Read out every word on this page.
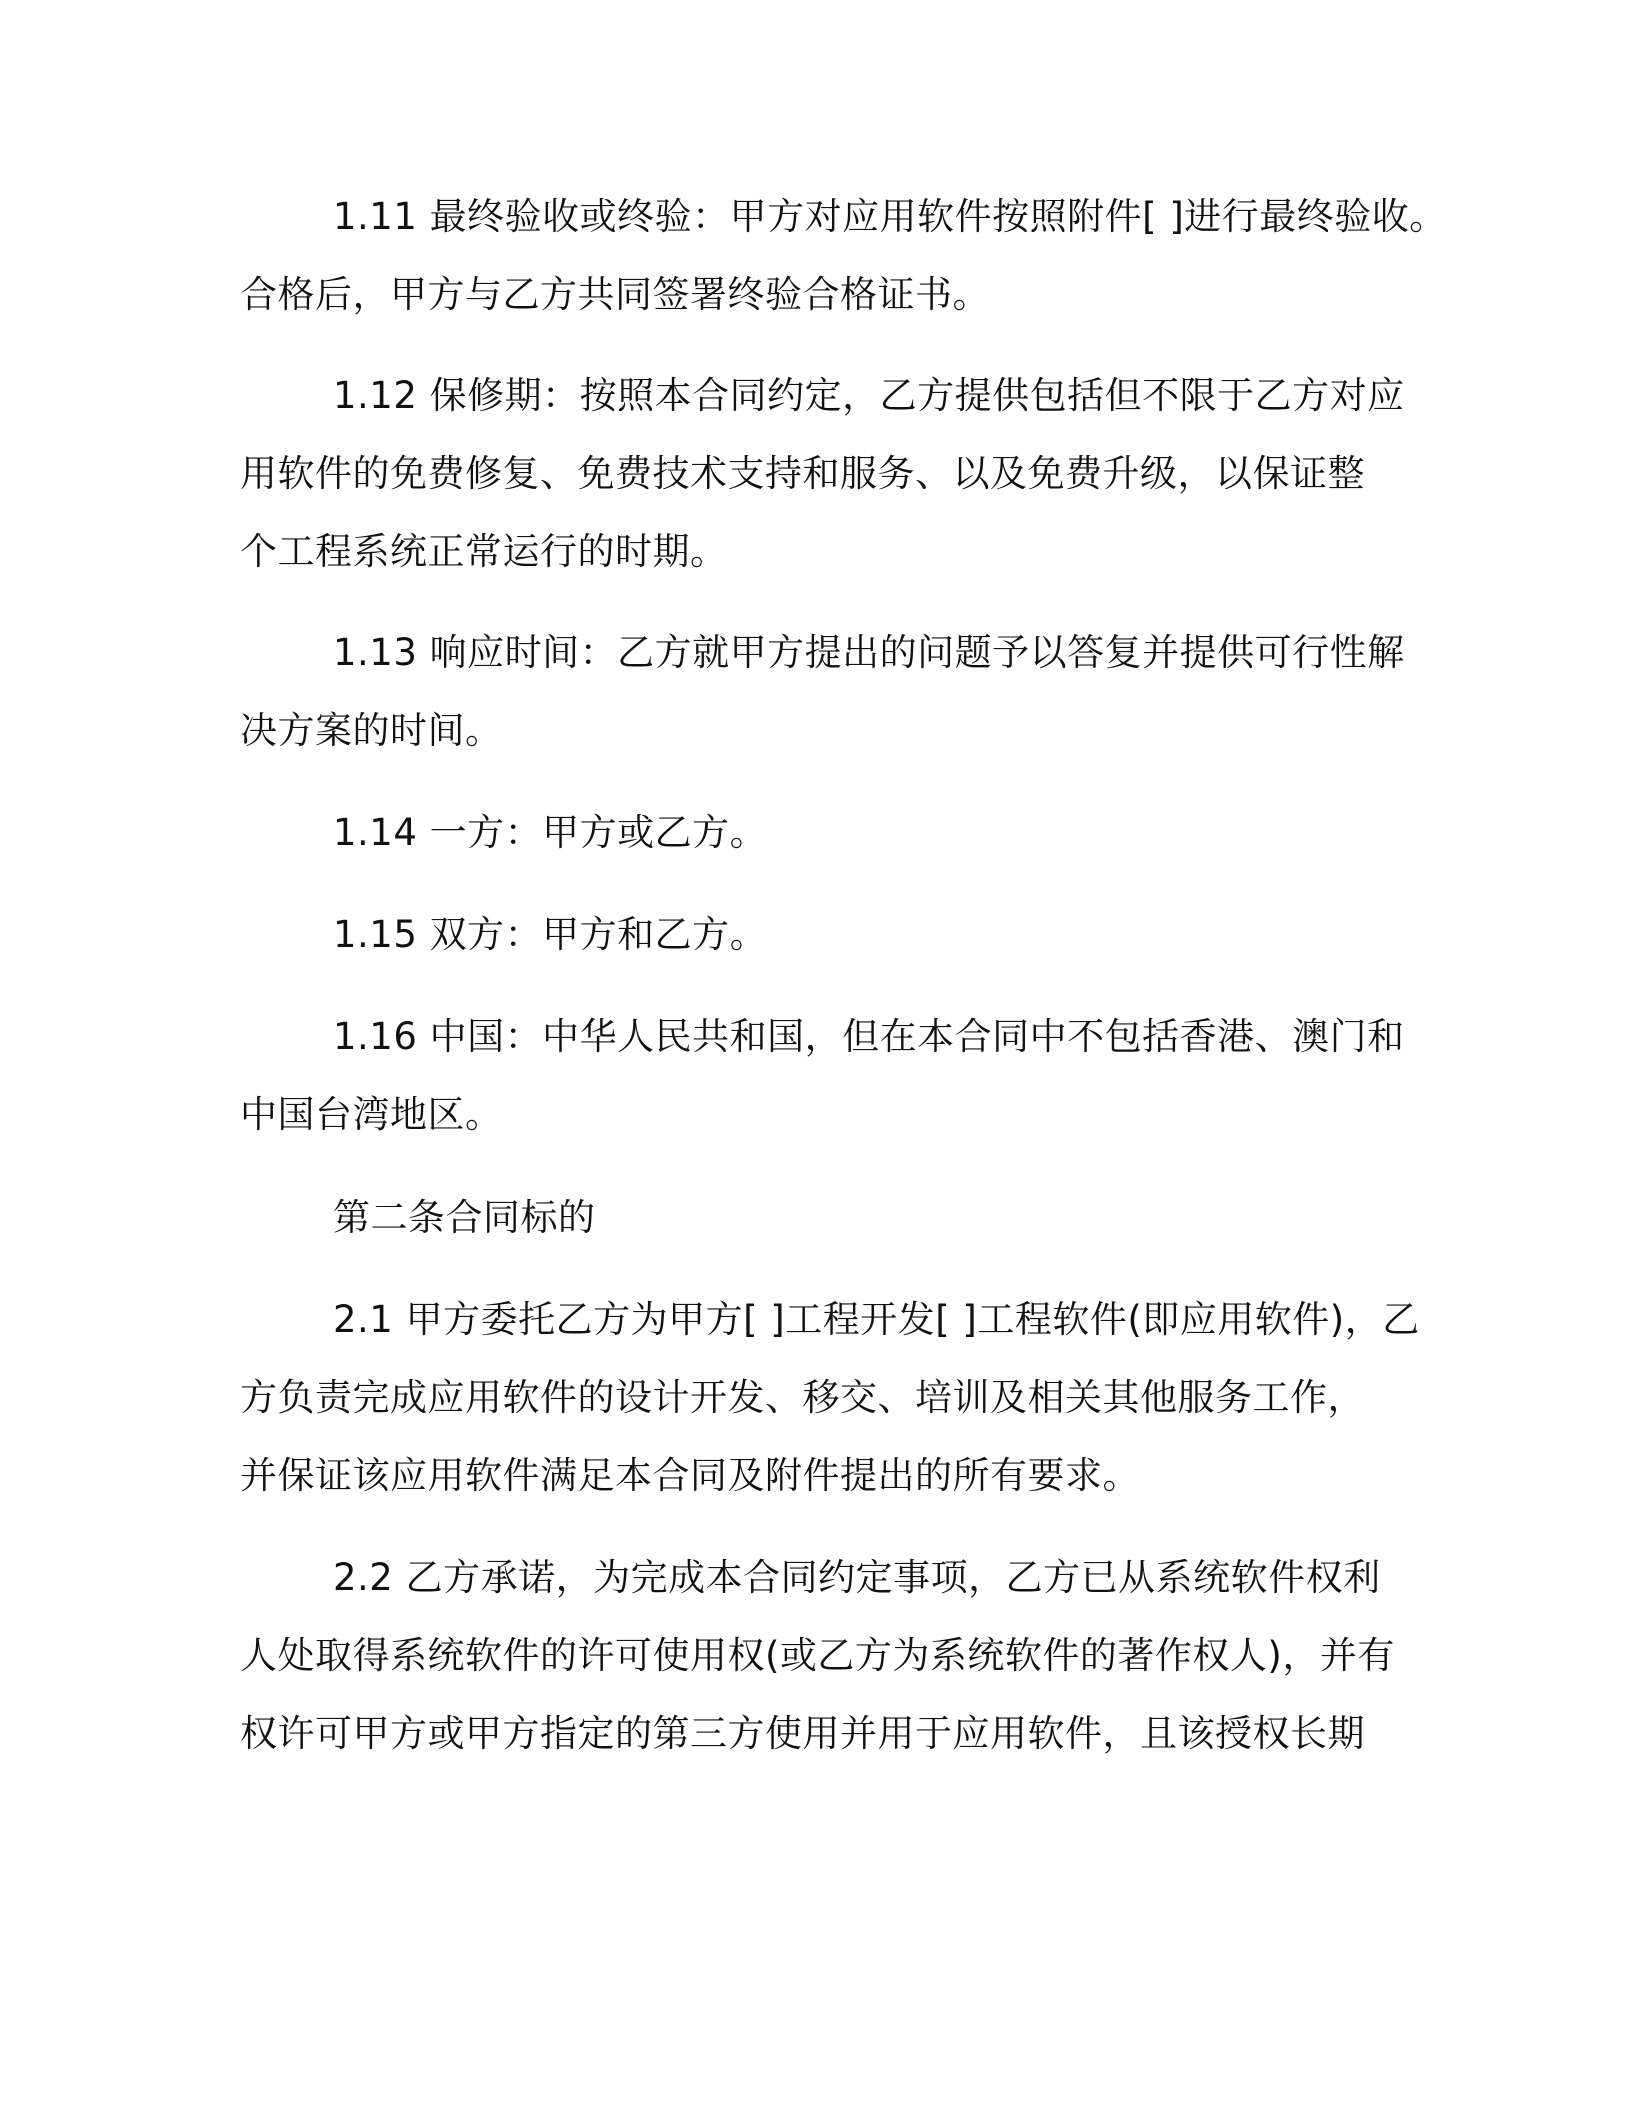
1.11 最终验收或终验：甲方对应用软件按照附件[ ]进行最终验收。
合格后，甲方与乙方共同签署终验合格证书。
1.12 保修期：按照本合同约定，乙方提供包括但不限于乙方对应
用软件的免费修复、免费技术支持和服务、以及免费升级，以保证整
个工程系统正常运行的时期。
1.13 响应时间：乙方就甲方提出的问题予以答复并提供可行性解
决方案的时间。
1.14 一方：甲方或乙方。
1.15 双方：甲方和乙方。
1.16 中国：中华人民共和国，但在本合同中不包括香港、澳门和
中国台湾地区。
第二条合同标的
2.1 甲方委托乙方为甲方[ ]工程开发[ ]工程软件(即应用软件)，乙
方负责完成应用软件的设计开发、移交、培训及相关其他服务工作，
并保证该应用软件满足本合同及附件提出的所有要求。
2.2 乙方承诺，为完成本合同约定事项，乙方已从系统软件权利
人处取得系统软件的许可使用权(或乙方为系统软件的著作权人)，并有
权许可甲方或甲方指定的第三方使用并用于应用软件，且该授权长期
